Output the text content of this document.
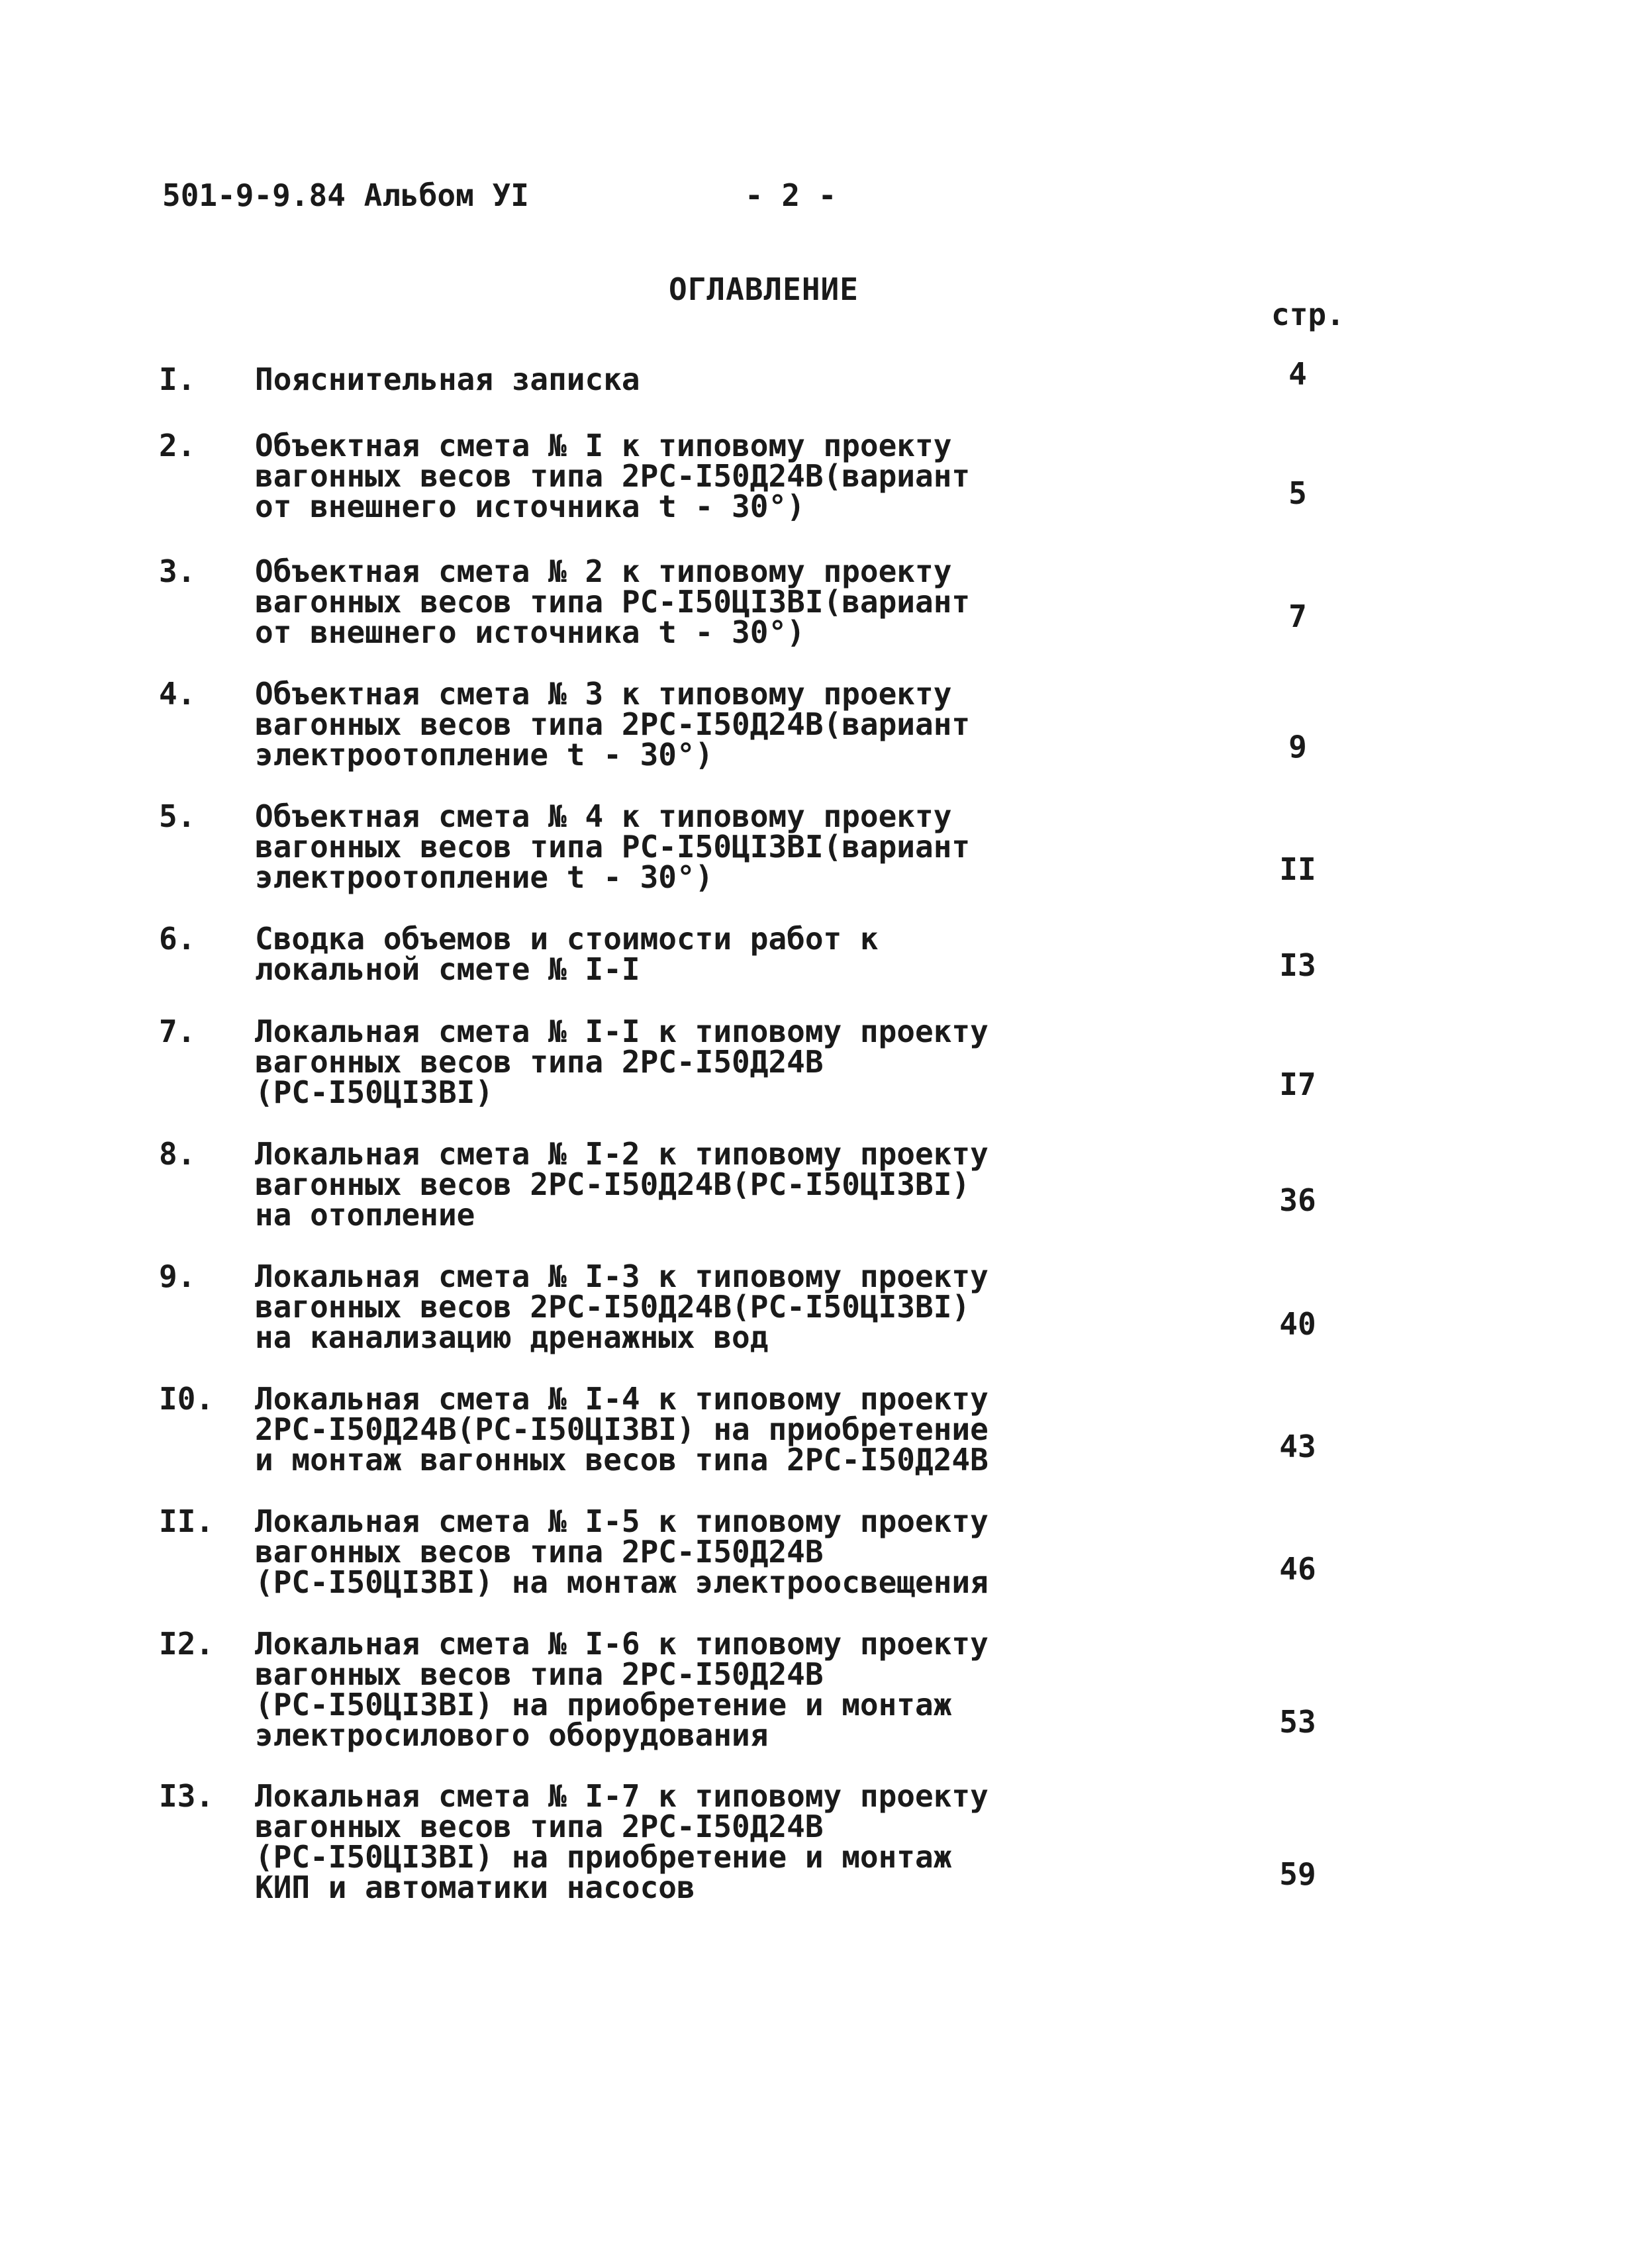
501-9-9.84 Альбом УI	- 2 -
ОГЛАВЛЕНИЕ
стр.
I.	Пояснительная записка	4
2.	Объектная смета № I к типовому проекту
вагонных весов типа 2РС-I50Д24В(вариант
от внешнего источника t - 30°)	5
3.	Объектная смета № 2 к типовому проекту
вагонных весов типа РС-I50ЦI3ВI(вариант
от внешнего источника t - 30°)	7
4.	Объектная смета № 3 к типовому проекту
вагонных весов типа 2РС-I50Д24В(вариант
электроотопление t - 30°)	9
5.	Объектная смета № 4 к типовому проекту
вагонных весов типа РС-I50ЦI3ВI(вариант
электроотопление t - 30°)	II
6.	Сводка объемов и стоимости работ к
локальной смете № I-I	I3
7.	Локальная смета № I-I к типовому проекту
вагонных весов типа 2РС-I50Д24В
(РС-I50ЦI3ВI)	I7
8.	Локальная смета № I-2 к типовому проекту
вагонных весов 2РС-I50Д24В(РС-I50ЦI3ВI)
на отопление	36
9.	Локальная смета № I-3 к типовому проекту
вагонных весов 2РС-I50Д24В(РС-I50ЦI3ВI)
на канализацию дренажных вод	40
I0.	Локальная смета № I-4 к типовому проекту
2РС-I50Д24В(РС-I50ЦI3ВI) на приобретение
и монтаж вагонных весов типа 2РС-I50Д24В	43
II.	Локальная смета № I-5 к типовому проекту
вагонных весов типа 2РС-I50Д24В
(РС-I50ЦI3ВI) на монтаж электроосвещения	46
I2.	Локальная смета № I-6 к типовому проекту
вагонных весов типа 2РС-I50Д24В
(РС-I50ЦI3ВI) на приобретение и монтаж
электросилового оборудования	53
I3.	Локальная смета № I-7 к типовому проекту
вагонных весов типа 2РС-I50Д24В
(РС-I50ЦI3ВI) на приобретение и монтаж
КИП и автоматики насосов	59
